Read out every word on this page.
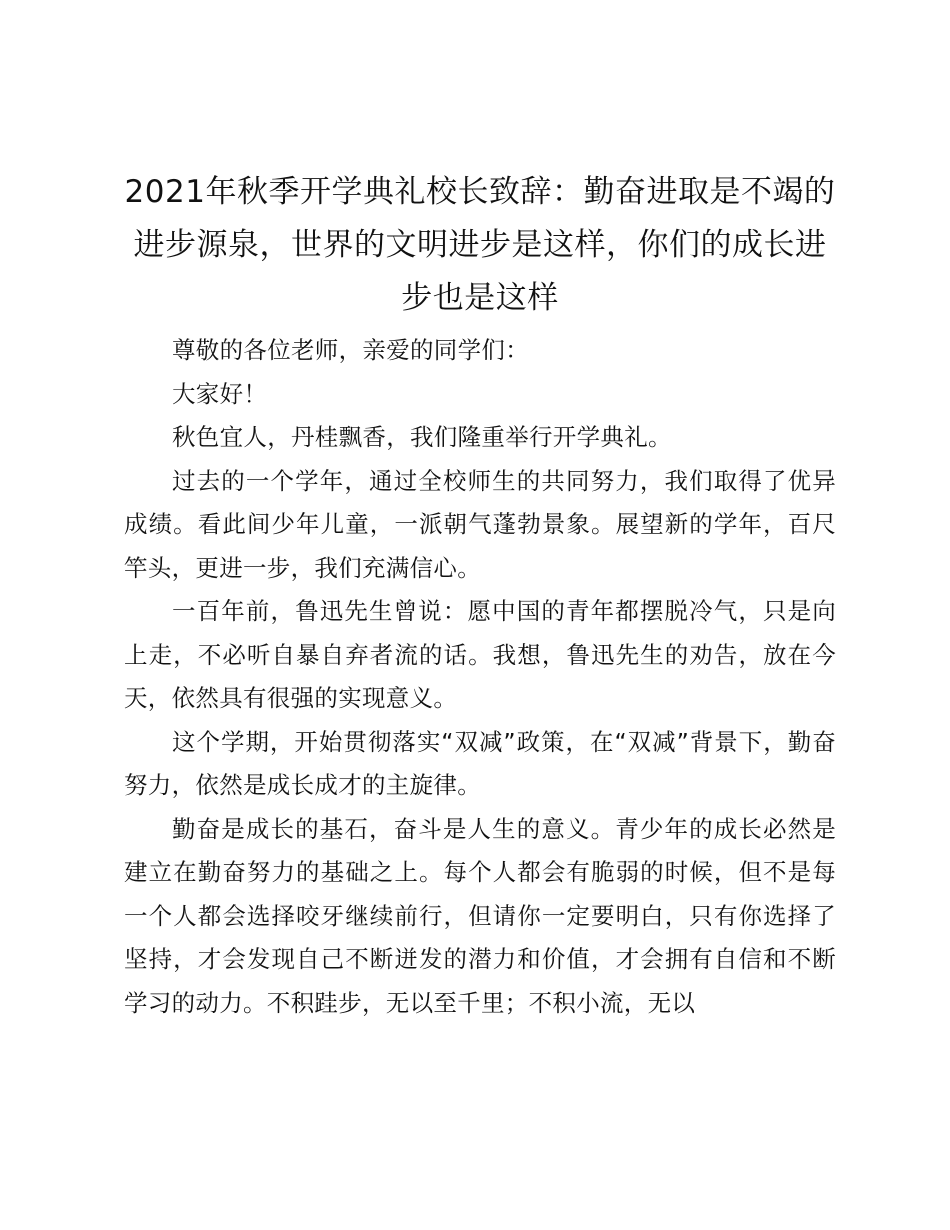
2021年秋季开学典礼校长致辞：勤奋进取是不竭的进步源泉，世界的文明进步是这样，你们的成长进步也是这样

尊敬的各位老师，亲爱的同学们：

大家好！

秋色宜人，丹桂飘香，我们隆重举行开学典礼。

过去的一个学年，通过全校师生的共同努力，我们取得了优异成绩。看此间少年儿童，一派朝气蓬勃景象。展望新的学年，百尺竿头，更进一步，我们充满信心。

一百年前，鲁迅先生曾说：愿中国的青年都摆脱冷气，只是向上走，不必听自暴自弃者流的话。我想，鲁迅先生的劝告，放在今天，依然具有很强的实现意义。

这个学期，开始贯彻落实“双减”政策，在“双减”背景下，勤奋努力，依然是成长成才的主旋律。

勤奋是成长的基石，奋斗是人生的意义。青少年的成长必然是建立在勤奋努力的基础之上。每个人都会有脆弱的时候，但不是每一个人都会选择咬牙继续前行，但请你一定要明白，只有你选择了坚持，才会发现自己不断迸发的潜力和价值，才会拥有自信和不断学习的动力。不积跬步，无以至千里；不积小流，无以
